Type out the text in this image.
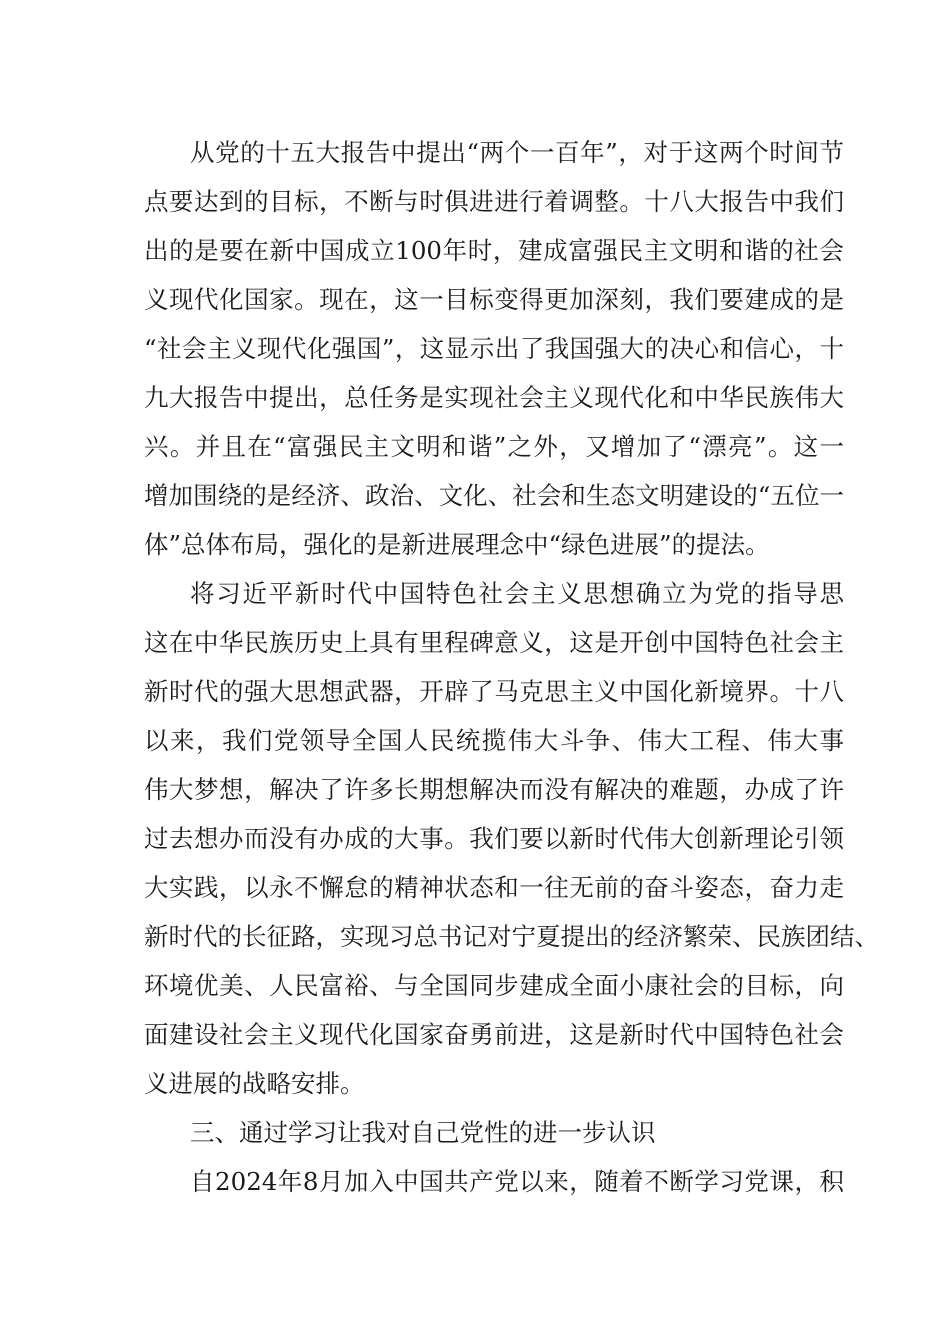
从党的十五大报告中提出“两个一百年”，对于这两个时间节
点要达到的目标，不断与时俱进进行着调整。十八大报告中我们
出的是要在新中国成立100年时，建成富强民主文明和谐的社会
义现代化国家。现在，这一目标变得更加深刻，我们要建成的是
“社会主义现代化强国”，这显示出了我国强大的决心和信心，十
九大报告中提出，总任务是实现社会主义现代化和中华民族伟大
兴。并且在“富强民主文明和谐”之外，又增加了“漂亮”。这一
增加围绕的是经济、政治、文化、社会和生态文明建设的“五位一
体”总体布局，强化的是新进展理念中“绿色进展”的提法。
将习近平新时代中国特色社会主义思想确立为党的指导思
这在中华民族历史上具有里程碑意义，这是开创中国特色社会主
新时代的强大思想武器，开辟了马克思主义中国化新境界。十八
以来，我们党领导全国人民统揽伟大斗争、伟大工程、伟大事
伟大梦想，解决了许多长期想解决而没有解决的难题，办成了许
过去想办而没有办成的大事。我们要以新时代伟大创新理论引领
大实践，以永不懈怠的精神状态和一往无前的奋斗姿态，奋力走
新时代的长征路，实现习总书记对宁夏提出的经济繁荣、民族团结、
环境优美、人民富裕、与全国同步建成全面小康社会的目标，向
面建设社会主义现代化国家奋勇前进，这是新时代中国特色社会
义进展的战略安排。
三、通过学习让我对自己党性的进一步认识
自2024年8月加入中国共产党以来，随着不断学习党课，积
